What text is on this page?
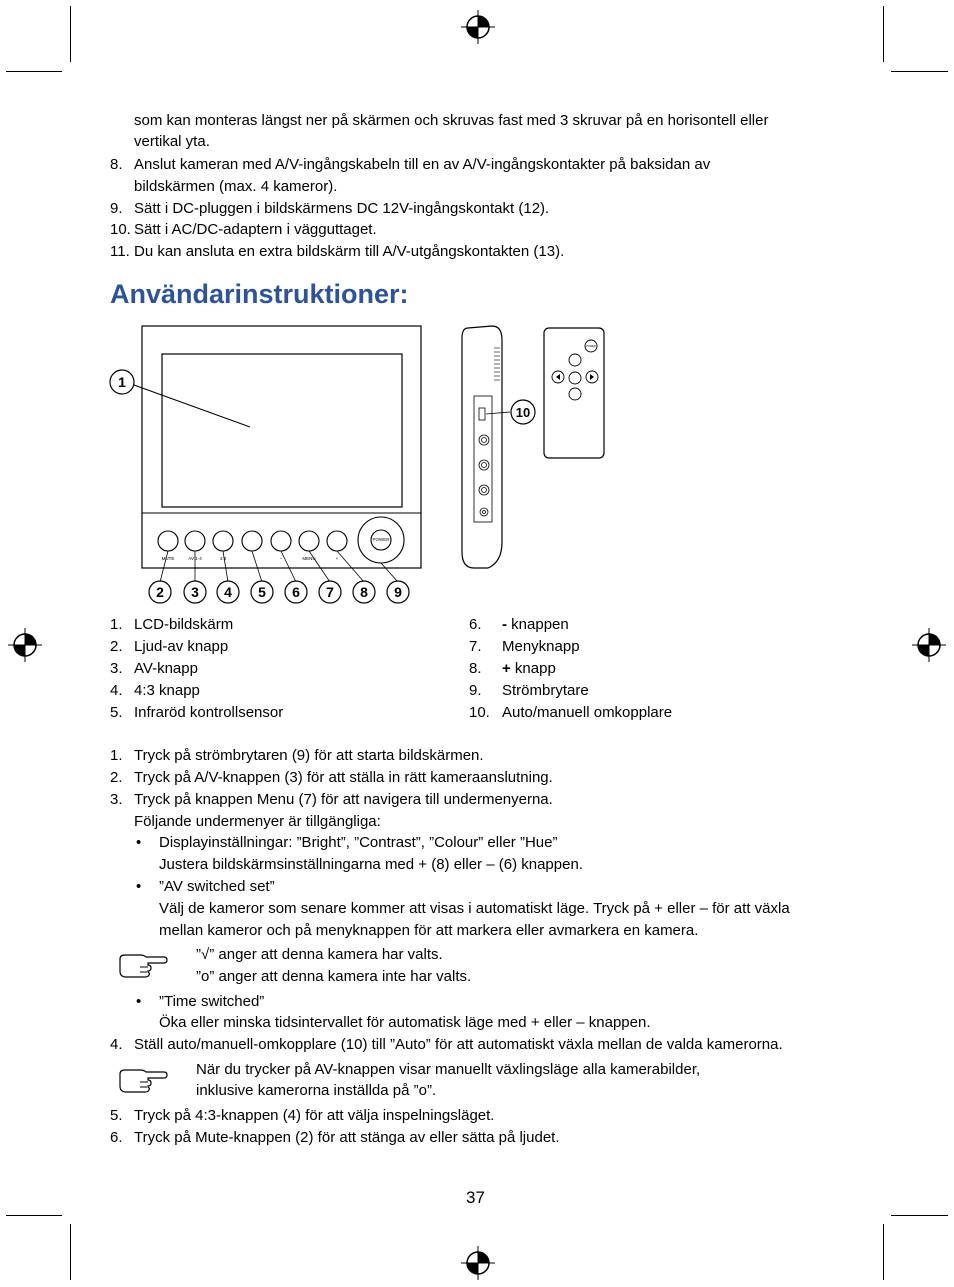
som kan monteras längst ner på skärmen och skruvas fast med 3 skruvar på en horisontell eller
vertikal yta.
8. Anslut kameran med A/V-ingångskabeln till en av A/V-ingångskontakter på baksidan av
bildskärmen (max. 4 kameror).
9. Sätt i DC-pluggen i bildskärmens DC 12V-ingångskontakt (12).
10. Sätt i AC/DC-adaptern i vägguttaget.
11. Du kan ansluta en extra bildskärm till A/V-utgångskontakten (13).
Användarinstruktioner:
1
2 3 4 5 6 7 8 9
MUTE	AV 1-4	4:3	−	MENU	+
POWER
10
POWER
1. LCD-bildskärm
2. Ljud-av knapp
3. AV-knapp
4. 4:3 knapp
5. Infraröd kontrollsensor
6. - knappen
7. Menyknapp
8. + knapp
9. Strömbrytare
10. Auto/manuell omkopplare
1. Tryck på strömbrytaren (9) för att starta bildskärmen.
2. Tryck på A/V-knappen (3) för att ställa in rätt kameraanslutning.
3. Tryck på knappen Menu (7) för att navigera till undermenyerna.
Följande undermenyer är tillgängliga:
• Displayinställningar: ”Bright”, ”Contrast”, ”Colour” eller ”Hue”
Justera bildskärmsinställningarna med + (8) eller – (6) knappen.
• ”AV switched set”
Välj de kameror som senare kommer att visas i automatiskt läge. Tryck på + eller – för att växla
mellan kameror och på menyknappen för att markera eller avmarkera en kamera.
”√” anger att denna kamera har valts.
”ο” anger att denna kamera inte har valts.
• ”Time switched”
Öka eller minska tidsintervallet för automatisk läge med + eller – knappen.
4. Ställ auto/manuell-omkopplare (10) till ”Auto” för att automatiskt växla mellan de valda kamerorna.
När du trycker på AV-knappen visar manuellt växlingsläge alla kamerabilder,
inklusive kamerorna inställda på ”ο”.
5. Tryck på 4:3-knappen (4) för att välja inspelningsläget.
6. Tryck på Mute-knappen (2) för att stänga av eller sätta på ljudet.
37
